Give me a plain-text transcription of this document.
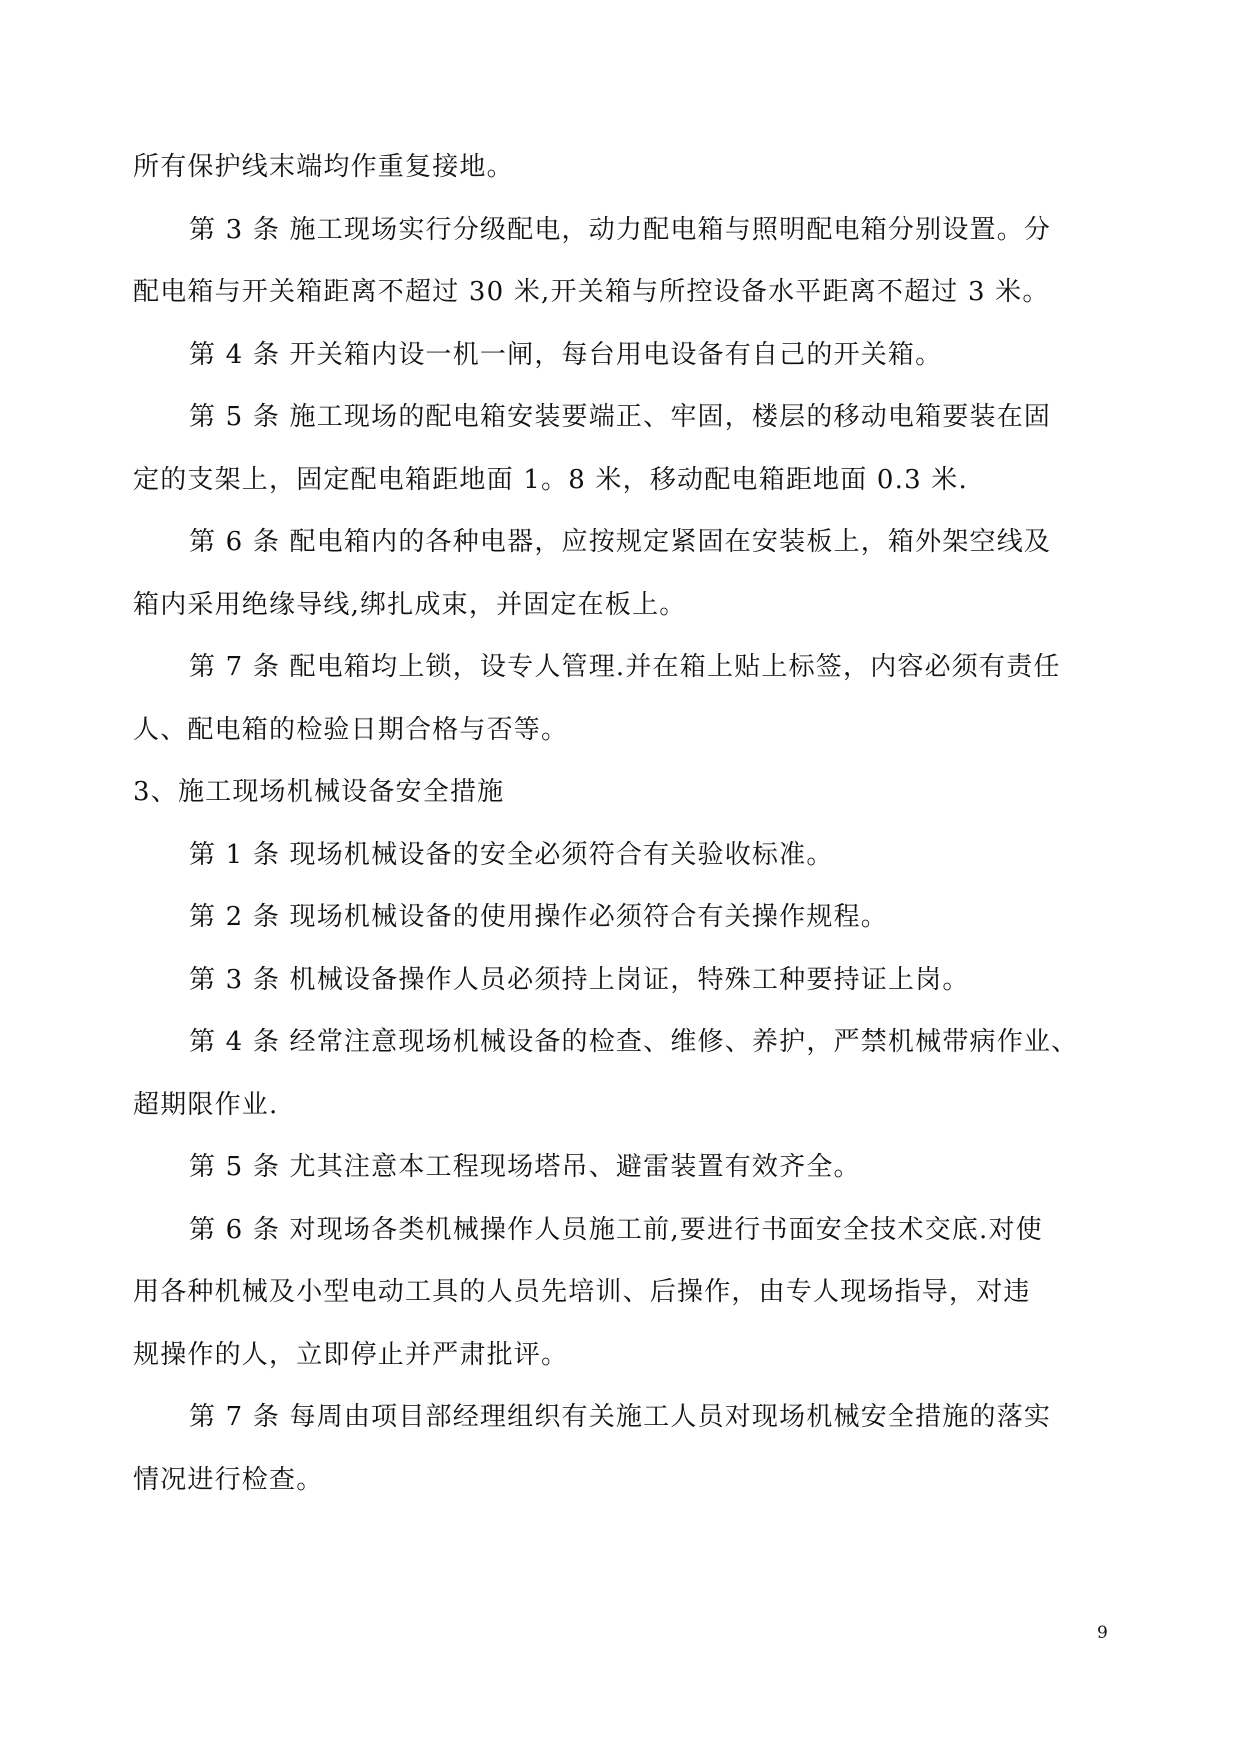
所有保护线末端均作重复接地。
第 3 条 施工现场实行分级配电，动力配电箱与照明配电箱分别设置。分
配电箱与开关箱距离不超过 30 米,开关箱与所控设备水平距离不超过 3 米。
第 4 条 开关箱内设一机一闸，每台用电设备有自己的开关箱。
第 5 条 施工现场的配电箱安装要端正、牢固，楼层的移动电箱要装在固
定的支架上，固定配电箱距地面 1。8 米，移动配电箱距地面 0.3 米.
第 6 条 配电箱内的各种电器，应按规定紧固在安装板上，箱外架空线及
箱内采用绝缘导线,绑扎成束，并固定在板上。
第 7 条 配电箱均上锁，设专人管理.并在箱上贴上标签，内容必须有责任
人、配电箱的检验日期合格与否等。
3、施工现场机械设备安全措施
第 1 条 现场机械设备的安全必须符合有关验收标准。
第 2 条 现场机械设备的使用操作必须符合有关操作规程。
第 3 条 机械设备操作人员必须持上岗证，特殊工种要持证上岗。
第 4 条 经常注意现场机械设备的检查、维修、养护，严禁机械带病作业、
超期限作业.
第 5 条 尤其注意本工程现场塔吊、避雷装置有效齐全。
第 6 条 对现场各类机械操作人员施工前,要进行书面安全技术交底.对使
用各种机械及小型电动工具的人员先培训、后操作，由专人现场指导，对违
规操作的人，立即停止并严肃批评。
第 7 条 每周由项目部经理组织有关施工人员对现场机械安全措施的落实
情况进行检查。
9
